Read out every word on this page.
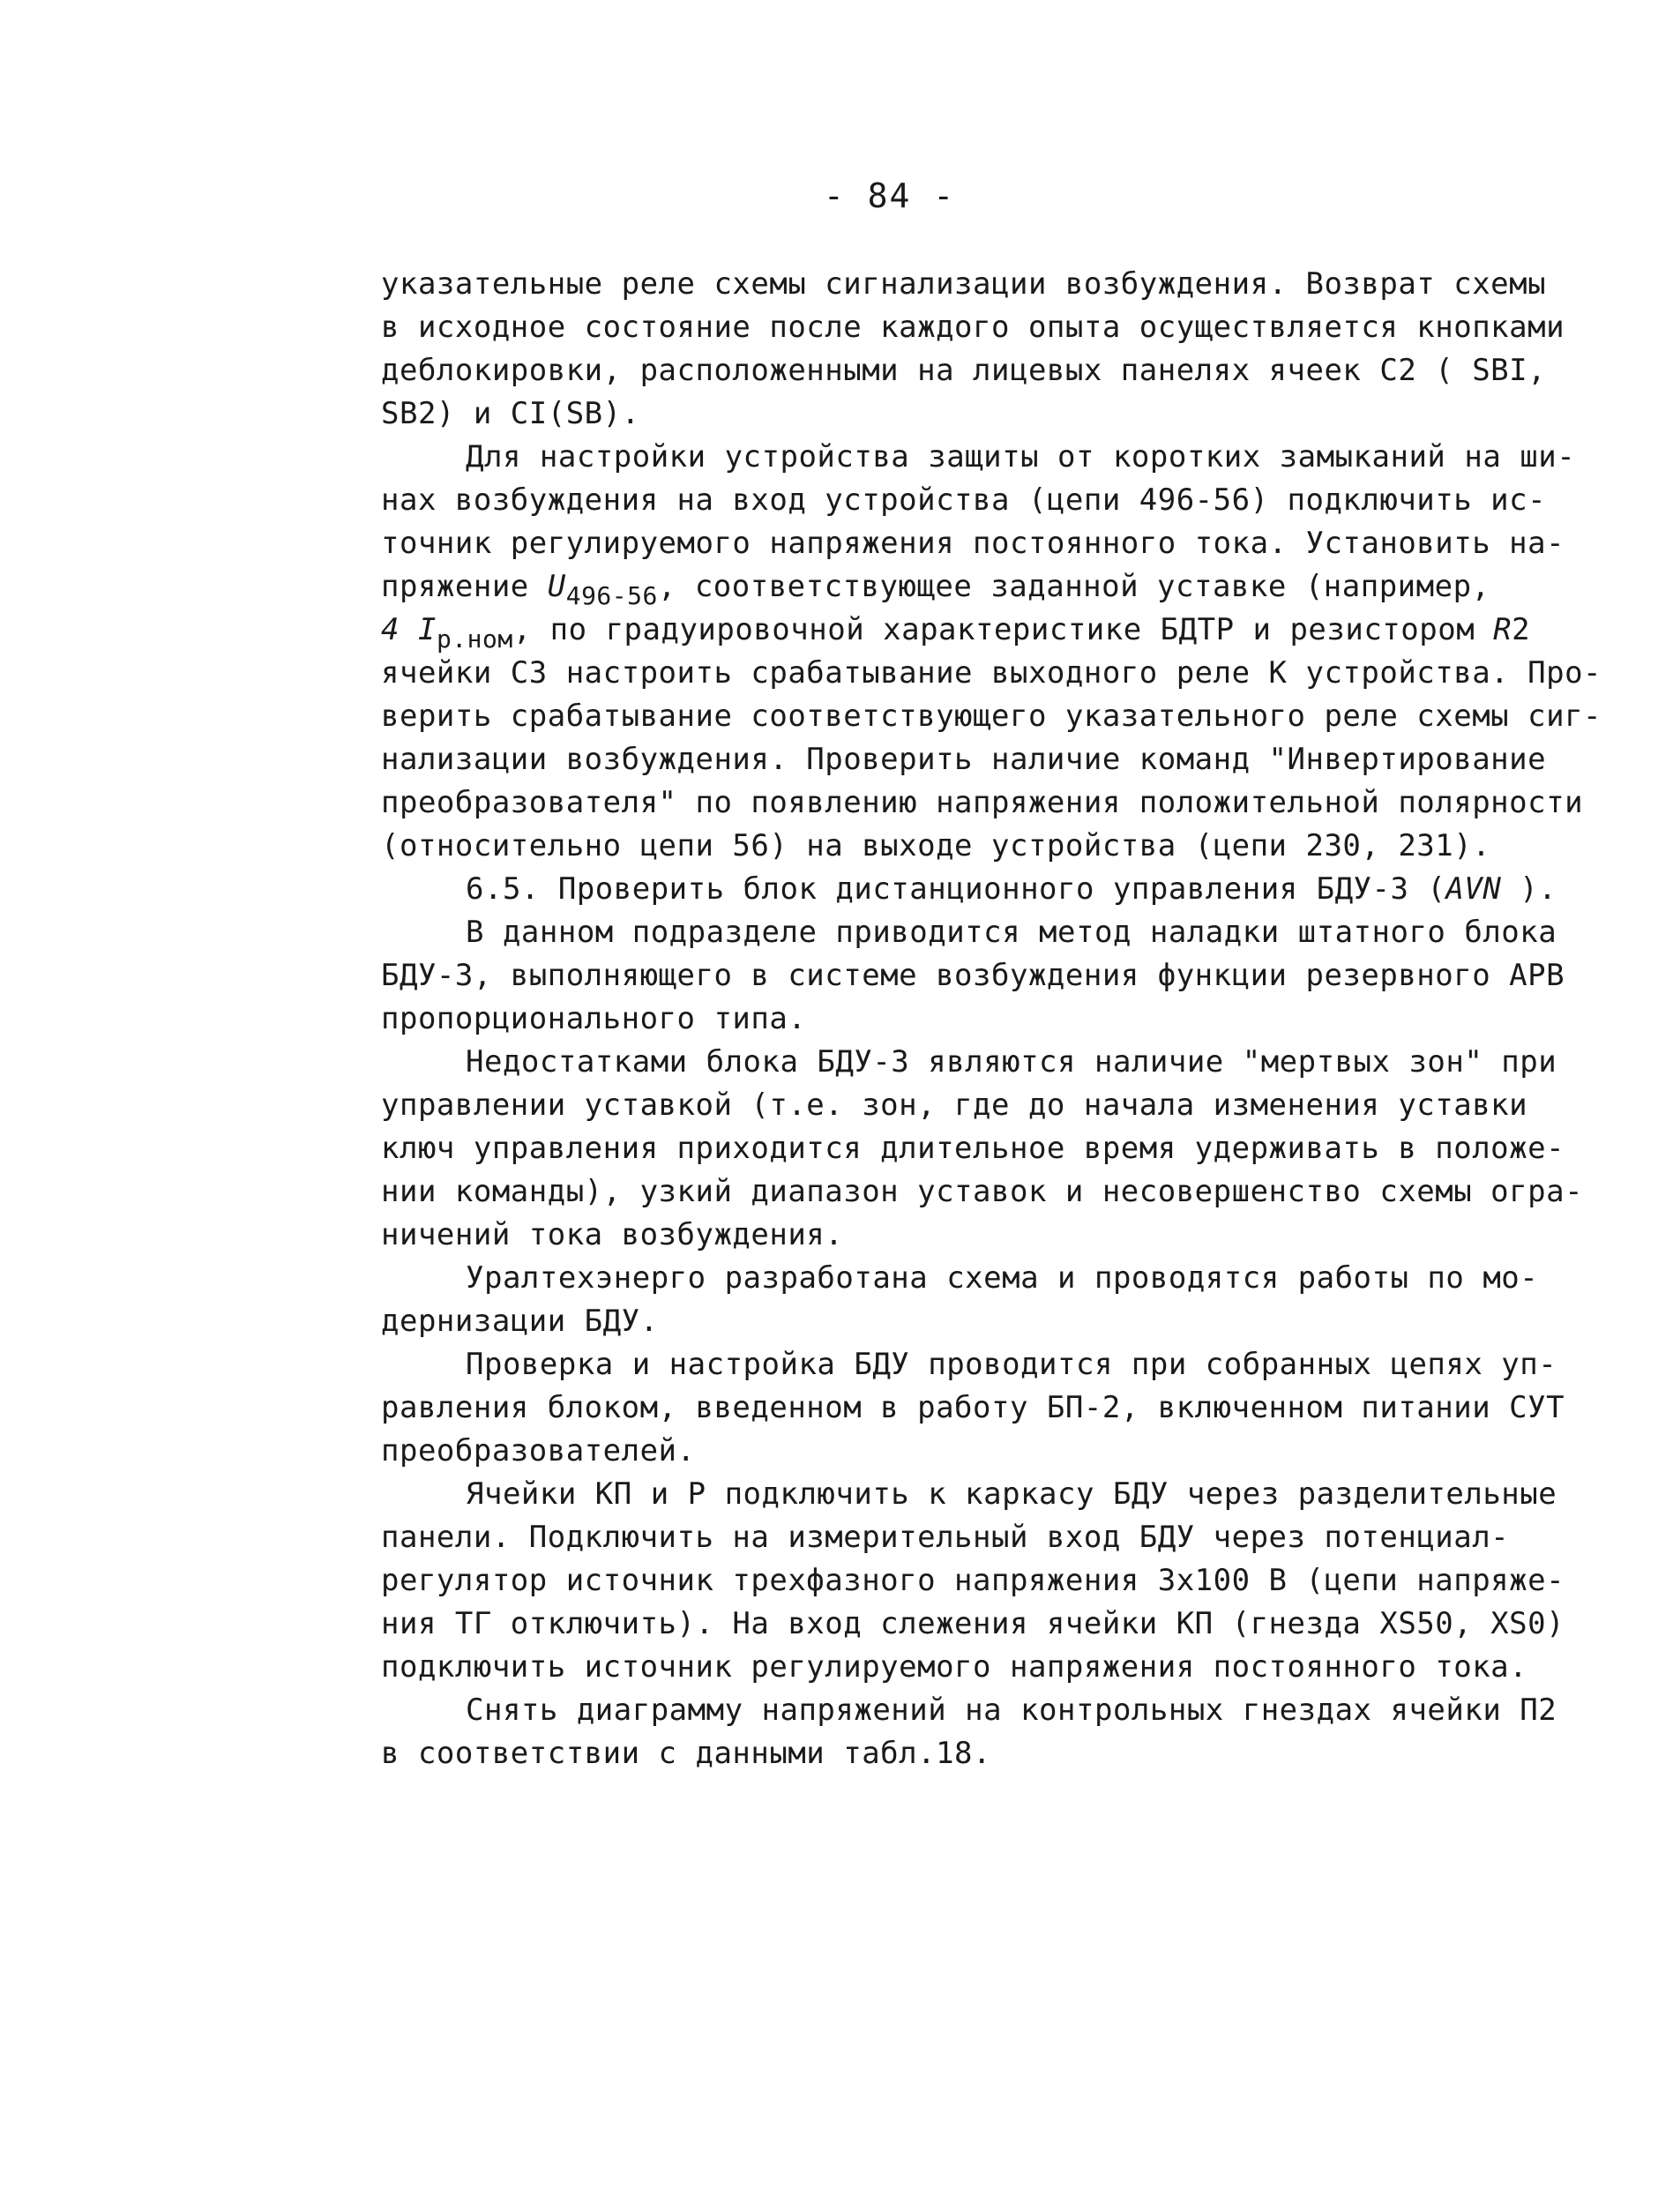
- 84 -
указательные реле схемы сигнализации возбуждения. Возврат схемы
в исходное состояние после каждого опыта осуществляется кнопками
деблокировки, расположенными на лицевых панелях ячеек С2 ( SBI,
SB2) и CI(SB).
Для настройки устройства защиты от коротких замыканий на ши-
нах возбуждения на вход устройства (цепи 496-56) подключить ис-
точник регулируемого напряжения постоянного тока. Установить на-
пряжение $U_{496-56}$, соответствующее заданной уставке (например,
4 $I_{р.ном}$, по градуировочной характеристике БДТР и резистором R2
ячейки С3 настроить срабатывание выходного реле К устройства. Про-
верить срабатывание соответствующего указательного реле схемы сиг-
нализации возбуждения. Проверить наличие команд "Инвертирование
преобразователя" по появлению напряжения положительной полярности
(относительно цепи 56) на выходе устройства (цепи 230, 231).
6.5. Проверить блок дистанционного управления БДУ-3 (AVN ).
В данном подразделе приводится метод наладки штатного блока
БДУ-3, выполняющего в системе возбуждения функции резервного АРВ
пропорционального типа.
Недостатками блока БДУ-3 являются наличие "мертвых зон" при
управлении уставкой (т.е. зон, где до начала изменения уставки
ключ управления приходится длительное время удерживать в положе-
нии команды), узкий диапазон уставок и несовершенство схемы огра-
ничений тока возбуждения.
Уралтехэнерго разработана схема и проводятся работы по мо-
дернизации БДУ.
Проверка и настройка БДУ проводится при собранных цепях уп-
равления блоком, введенном в работу БП-2, включенном питании СУТ
преобразователей.
Ячейки КП и Р подключить к каркасу БДУ через разделительные
панели. Подключить на измерительный вход БДУ через потенциал-
регулятор источник трехфазного напряжения 3х100 В (цепи напряже-
ния ТГ отключить). На вход слежения ячейки КП (гнезда XS50, XS0)
подключить источник регулируемого напряжения постоянного тока.
Снять диаграмму напряжений на контрольных гнездах ячейки П2
в соответствии с данными табл.18.
